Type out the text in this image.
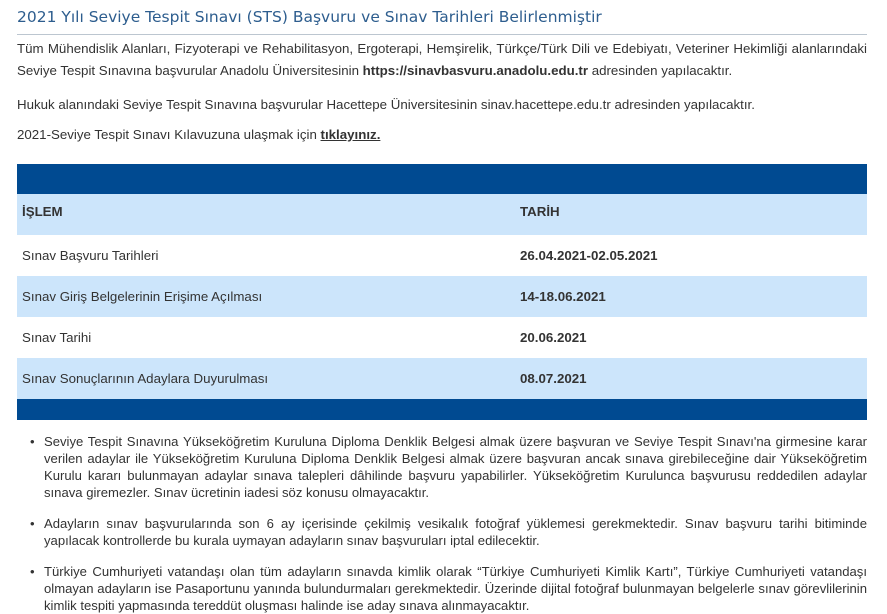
2021 Yılı Seviye Tespit Sınavı (STS) Başvuru ve Sınav Tarihleri Belirlenmiştir

Tüm Mühendislik Alanları, Fizyoterapi ve Rehabilitasyon, Ergoterapi, Hemşirelik, Türkçe/Türk Dili ve Edebiyatı, Veteriner Hekimliği alanlarındaki Seviye Tespit Sınavına başvurular Anadolu Üniversitesinin https://sinavbasvuru.anadolu.edu.tr adresinden yapılacaktır.

Hukuk alanındaki Seviye Tespit Sınavına başvurular Hacettepe Üniversitesinin sinav.hacettepe.edu.tr adresinden yapılacaktır.

2021-Seviye Tespit Sınavı Kılavuzuna ulaşmak için tıklayınız.

İŞLEM	TARİH
Sınav Başvuru Tarihleri	26.04.2021-02.05.2021
Sınav Giriş Belgelerinin Erişime Açılması	14-18.06.2021
Sınav Tarihi	20.06.2021
Sınav Sonuçlarının Adaylara Duyurulması	08.07.2021
• Seviye Tespit Sınavına Yükseköğretim Kuruluna Diploma Denklik Belgesi almak üzere başvuran ve Seviye Tespit Sınavı'na girmesine karar verilen adaylar ile Yükseköğretim Kuruluna Diploma Denklik Belgesi almak üzere başvuran ancak sınava girebileceğine dair Yükseköğretim Kurulu kararı bulunmayan adaylar sınava talepleri dâhilinde başvuru yapabilirler. Yükseköğretim Kurulunca başvurusu reddedilen adaylar sınava giremezler. Sınav ücretinin iadesi söz konusu olmayacaktır.
• Adayların sınav başvurularında son 6 ay içerisinde çekilmiş vesikalık fotoğraf yüklemesi gerekmektedir. Sınav başvuru tarihi bitiminde yapılacak kontrollerde bu kurala uymayan adayların sınav başvuruları iptal edilecektir.
• Türkiye Cumhuriyeti vatandaşı olan tüm adayların sınavda kimlik olarak “Türkiye Cumhuriyeti Kimlik Kartı”, Türkiye Cumhuriyeti vatandaşı olmayan adayların ise Pasaportunu yanında bulundurmaları gerekmektedir. Üzerinde dijital fotoğraf bulunmayan belgelerle sınav görevlilerinin kimlik tespiti yapmasında tereddüt oluşması halinde ise aday sınava alınmayacaktır.
